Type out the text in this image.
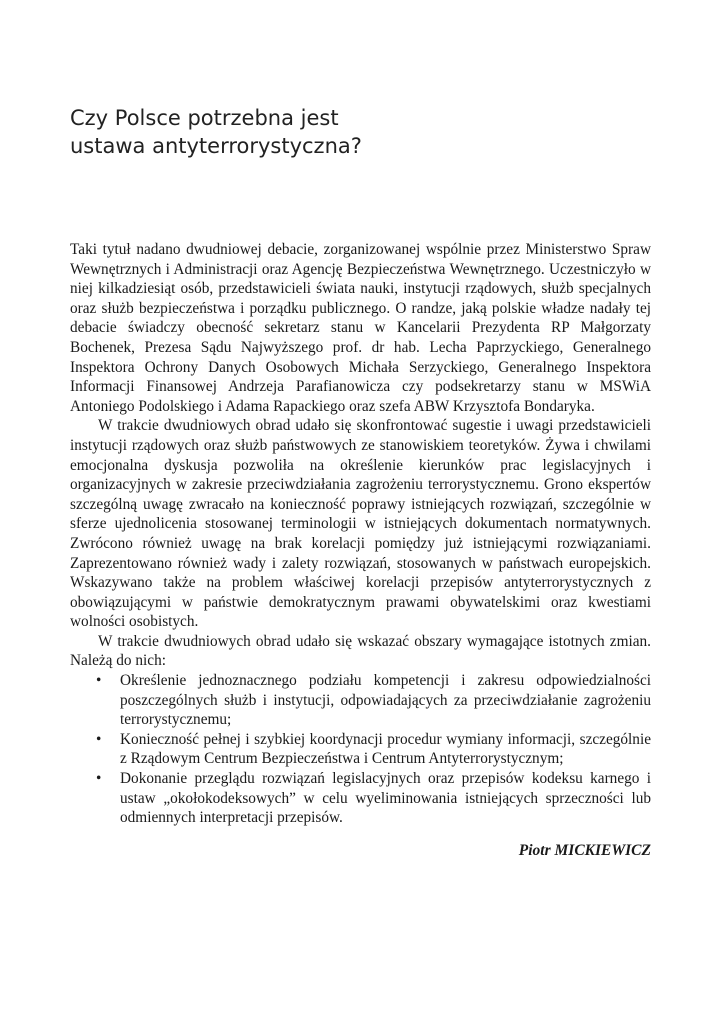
Czy Polsce potrzebna jest
ustawa antyterrorystyczna?

Taki tytuł nadano dwudniowej debacie, zorganizowanej wspólnie przez Ministerstwo Spraw Wewnętrznych i Administracji oraz Agencję Bezpieczeństwa Wewnętrznego. Uczestniczyło w niej kilkadziesiąt osób, przedstawicieli świata nauki, instytucji rządowych, służb specjalnych oraz służb bezpieczeństwa i porządku publicznego. O randze, jaką polskie władze nadały tej debacie świadczy obecność sekretarz stanu w Kancelarii Prezydenta RP Małgorzaty Bochenek, Prezesa Sądu Najwyższego prof. dr hab. Lecha Paprzyckiego, Generalnego Inspektora Ochrony Danych Osobowych Michała Serzyckiego, Generalnego Inspektora Informacji Finansowej Andrzeja Parafianowicza czy podsekretarzy stanu w MSWiA Antoniego Podolskiego i Adama Rapackiego oraz szefa ABW Krzysztofa Bondaryka.

W trakcie dwudniowych obrad udało się skonfrontować sugestie i uwagi przedstawicieli instytucji rządowych oraz służb państwowych ze stanowiskiem teoretyków. Żywa i chwilami emocjonalna dyskusja pozwoliła na określenie kierunków prac legislacyjnych i organizacyjnych w zakresie przeciwdziałania zagrożeniu terrorystycznemu. Grono ekspertów szczególną uwagę zwracało na konieczność poprawy istniejących rozwiązań, szczególnie w sferze ujednolicenia stosowanej terminologii w istniejących dokumentach normatywnych. Zwrócono również uwagę na brak korelacji pomiędzy już istniejącymi rozwiązaniami. Zaprezentowano również wady i zalety rozwiązań, stosowanych w państwach europejskich. Wskazywano także na problem właściwej korelacji przepisów antyterrorystycznych z obowiązującymi w państwie demokratycznym prawami obywatelskimi oraz kwestiami wolności osobistych.

W trakcie dwudniowych obrad udało się wskazać obszary wymagające istotnych zmian. Należą do nich:

• Określenie jednoznacznego podziału kompetencji i zakresu odpowiedzialności poszczególnych służb i instytucji, odpowiadających za przeciwdziałanie zagrożeniu terrorystycznemu;
• Konieczność pełnej i szybkiej koordynacji procedur wymiany informacji, szczególnie z Rządowym Centrum Bezpieczeństwa i Centrum Antyterrorystycznym;
• Dokonanie przeglądu rozwiązań legislacyjnych oraz przepisów kodeksu karnego i ustaw „okołokodeksowych” w celu wyeliminowania istniejących sprzeczności lub odmiennych interpretacji przepisów.
Piotr MICKIEWICZ
